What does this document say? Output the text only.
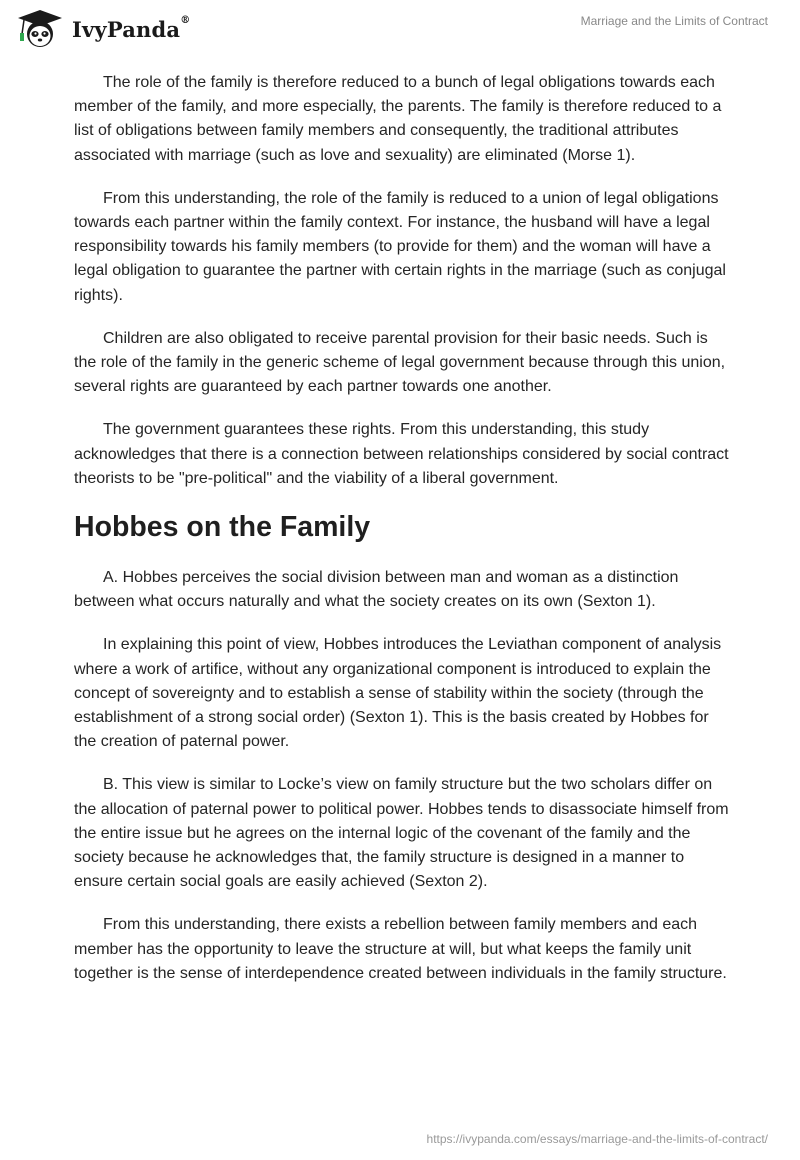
IvyPanda®	Marriage and the Limits of Contract

The role of the family is therefore reduced to a bunch of legal obligations towards each member of the family, and more especially, the parents. The family is therefore reduced to a list of obligations between family members and consequently, the traditional attributes associated with marriage (such as love and sexuality) are eliminated (Morse 1).

From this understanding, the role of the family is reduced to a union of legal obligations towards each partner within the family context. For instance, the husband will have a legal responsibility towards his family members (to provide for them) and the woman will have a legal obligation to guarantee the partner with certain rights in the marriage (such as conjugal rights).

Children are also obligated to receive parental provision for their basic needs. Such is the role of the family in the generic scheme of legal government because through this union, several rights are guaranteed by each partner towards one another.

The government guarantees these rights. From this understanding, this study acknowledges that there is a connection between relationships considered by social contract theorists to be "pre-political" and the viability of a liberal government.

Hobbes on the Family

A. Hobbes perceives the social division between man and woman as a distinction between what occurs naturally and what the society creates on its own (Sexton 1).

In explaining this point of view, Hobbes introduces the Leviathan component of analysis where a work of artifice, without any organizational component is introduced to explain the concept of sovereignty and to establish a sense of stability within the society (through the establishment of a strong social order) (Sexton 1). This is the basis created by Hobbes for the creation of paternal power.

B. This view is similar to Locke’s view on family structure but the two scholars differ on the allocation of paternal power to political power. Hobbes tends to disassociate himself from the entire issue but he agrees on the internal logic of the covenant of the family and the society because he acknowledges that, the family structure is designed in a manner to ensure certain social goals are easily achieved (Sexton 2).

From this understanding, there exists a rebellion between family members and each member has the opportunity to leave the structure at will, but what keeps the family unit together is the sense of interdependence created between individuals in the family structure.

https://ivypanda.com/essays/marriage-and-the-limits-of-contract/
